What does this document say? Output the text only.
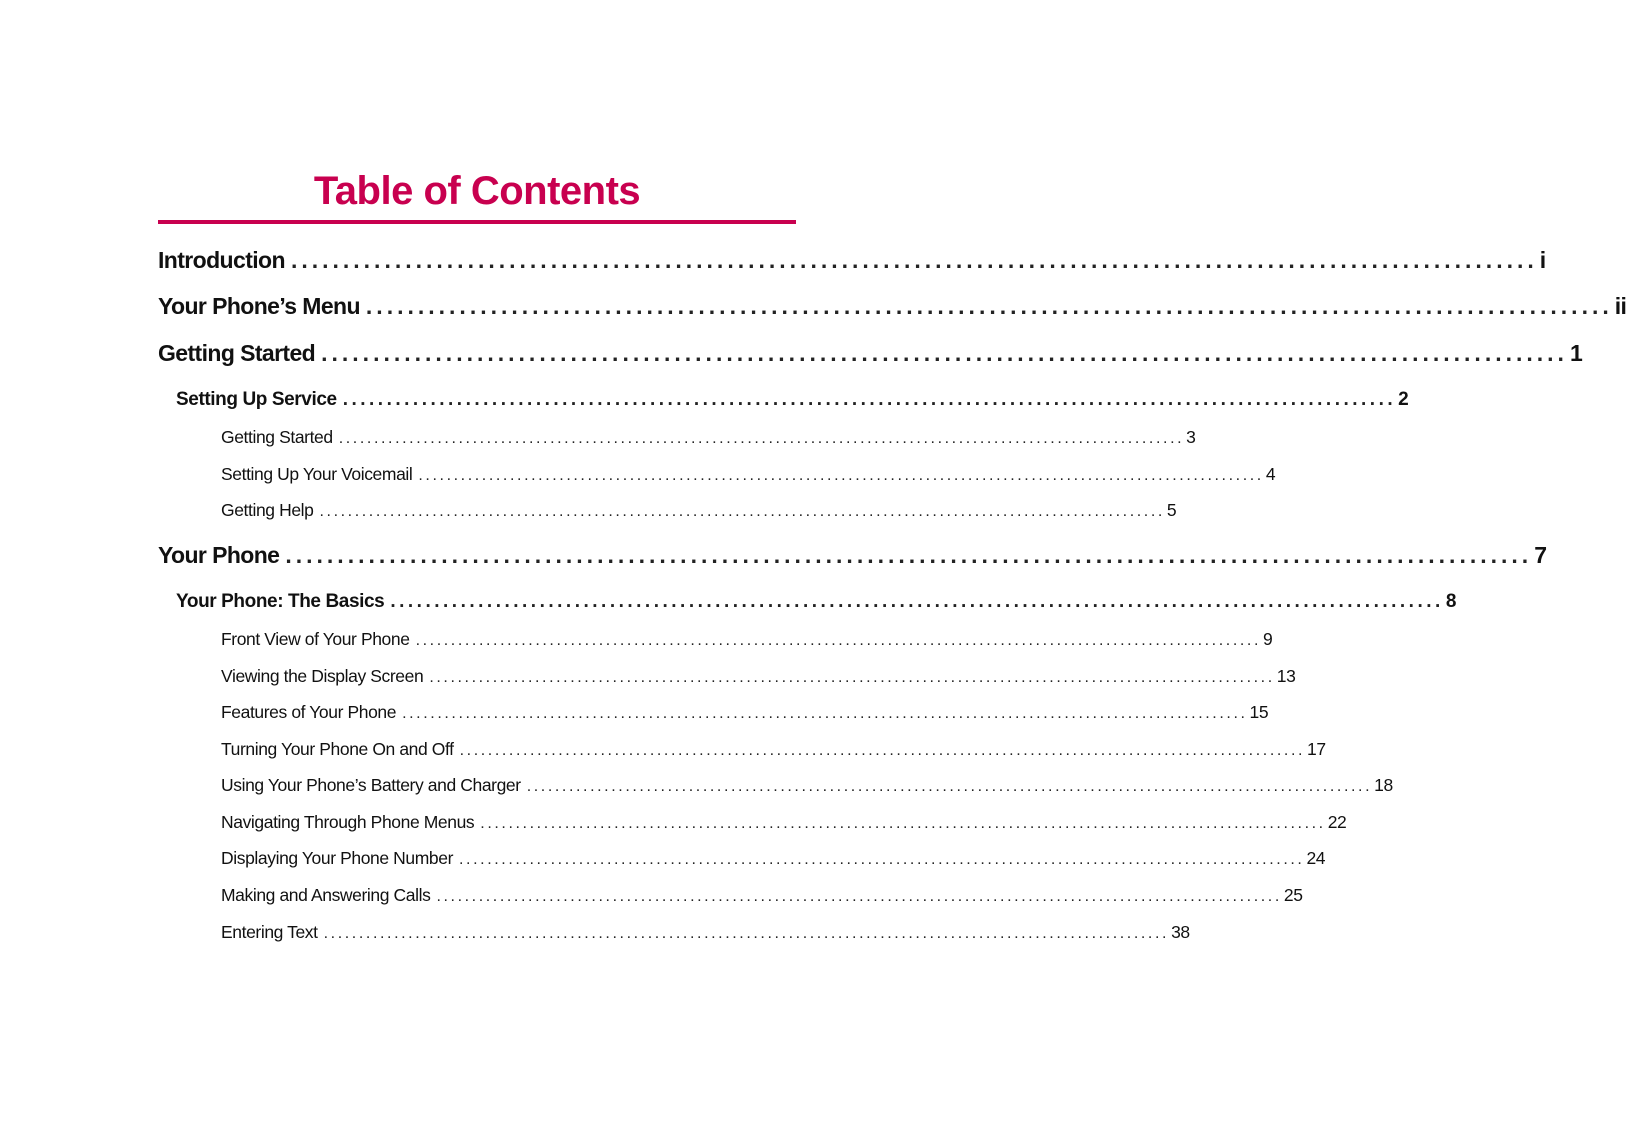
Table of Contents
Introduction ........................................................................................................................ i
Your Phone’s Menu ........................................................................................................................ ii
Getting Started ........................................................................................................................ 1
Setting Up Service ........................................................................................................................ 2
Getting Started ........................................................................................................................ 3
Setting Up Your Voicemail ........................................................................................................................ 4
Getting Help ........................................................................................................................ 5
Your Phone ........................................................................................................................ 7
Your Phone: The Basics ........................................................................................................................ 8
Front View of Your Phone ........................................................................................................................ 9
Viewing the Display Screen ........................................................................................................................ 13
Features of Your Phone ........................................................................................................................ 15
Turning Your Phone On and Off ........................................................................................................................ 17
Using Your Phone’s Battery and Charger ........................................................................................................................ 18
Navigating Through Phone Menus ........................................................................................................................ 22
Displaying Your Phone Number ........................................................................................................................ 24
Making and Answering Calls ........................................................................................................................ 25
Entering Text ........................................................................................................................ 38
